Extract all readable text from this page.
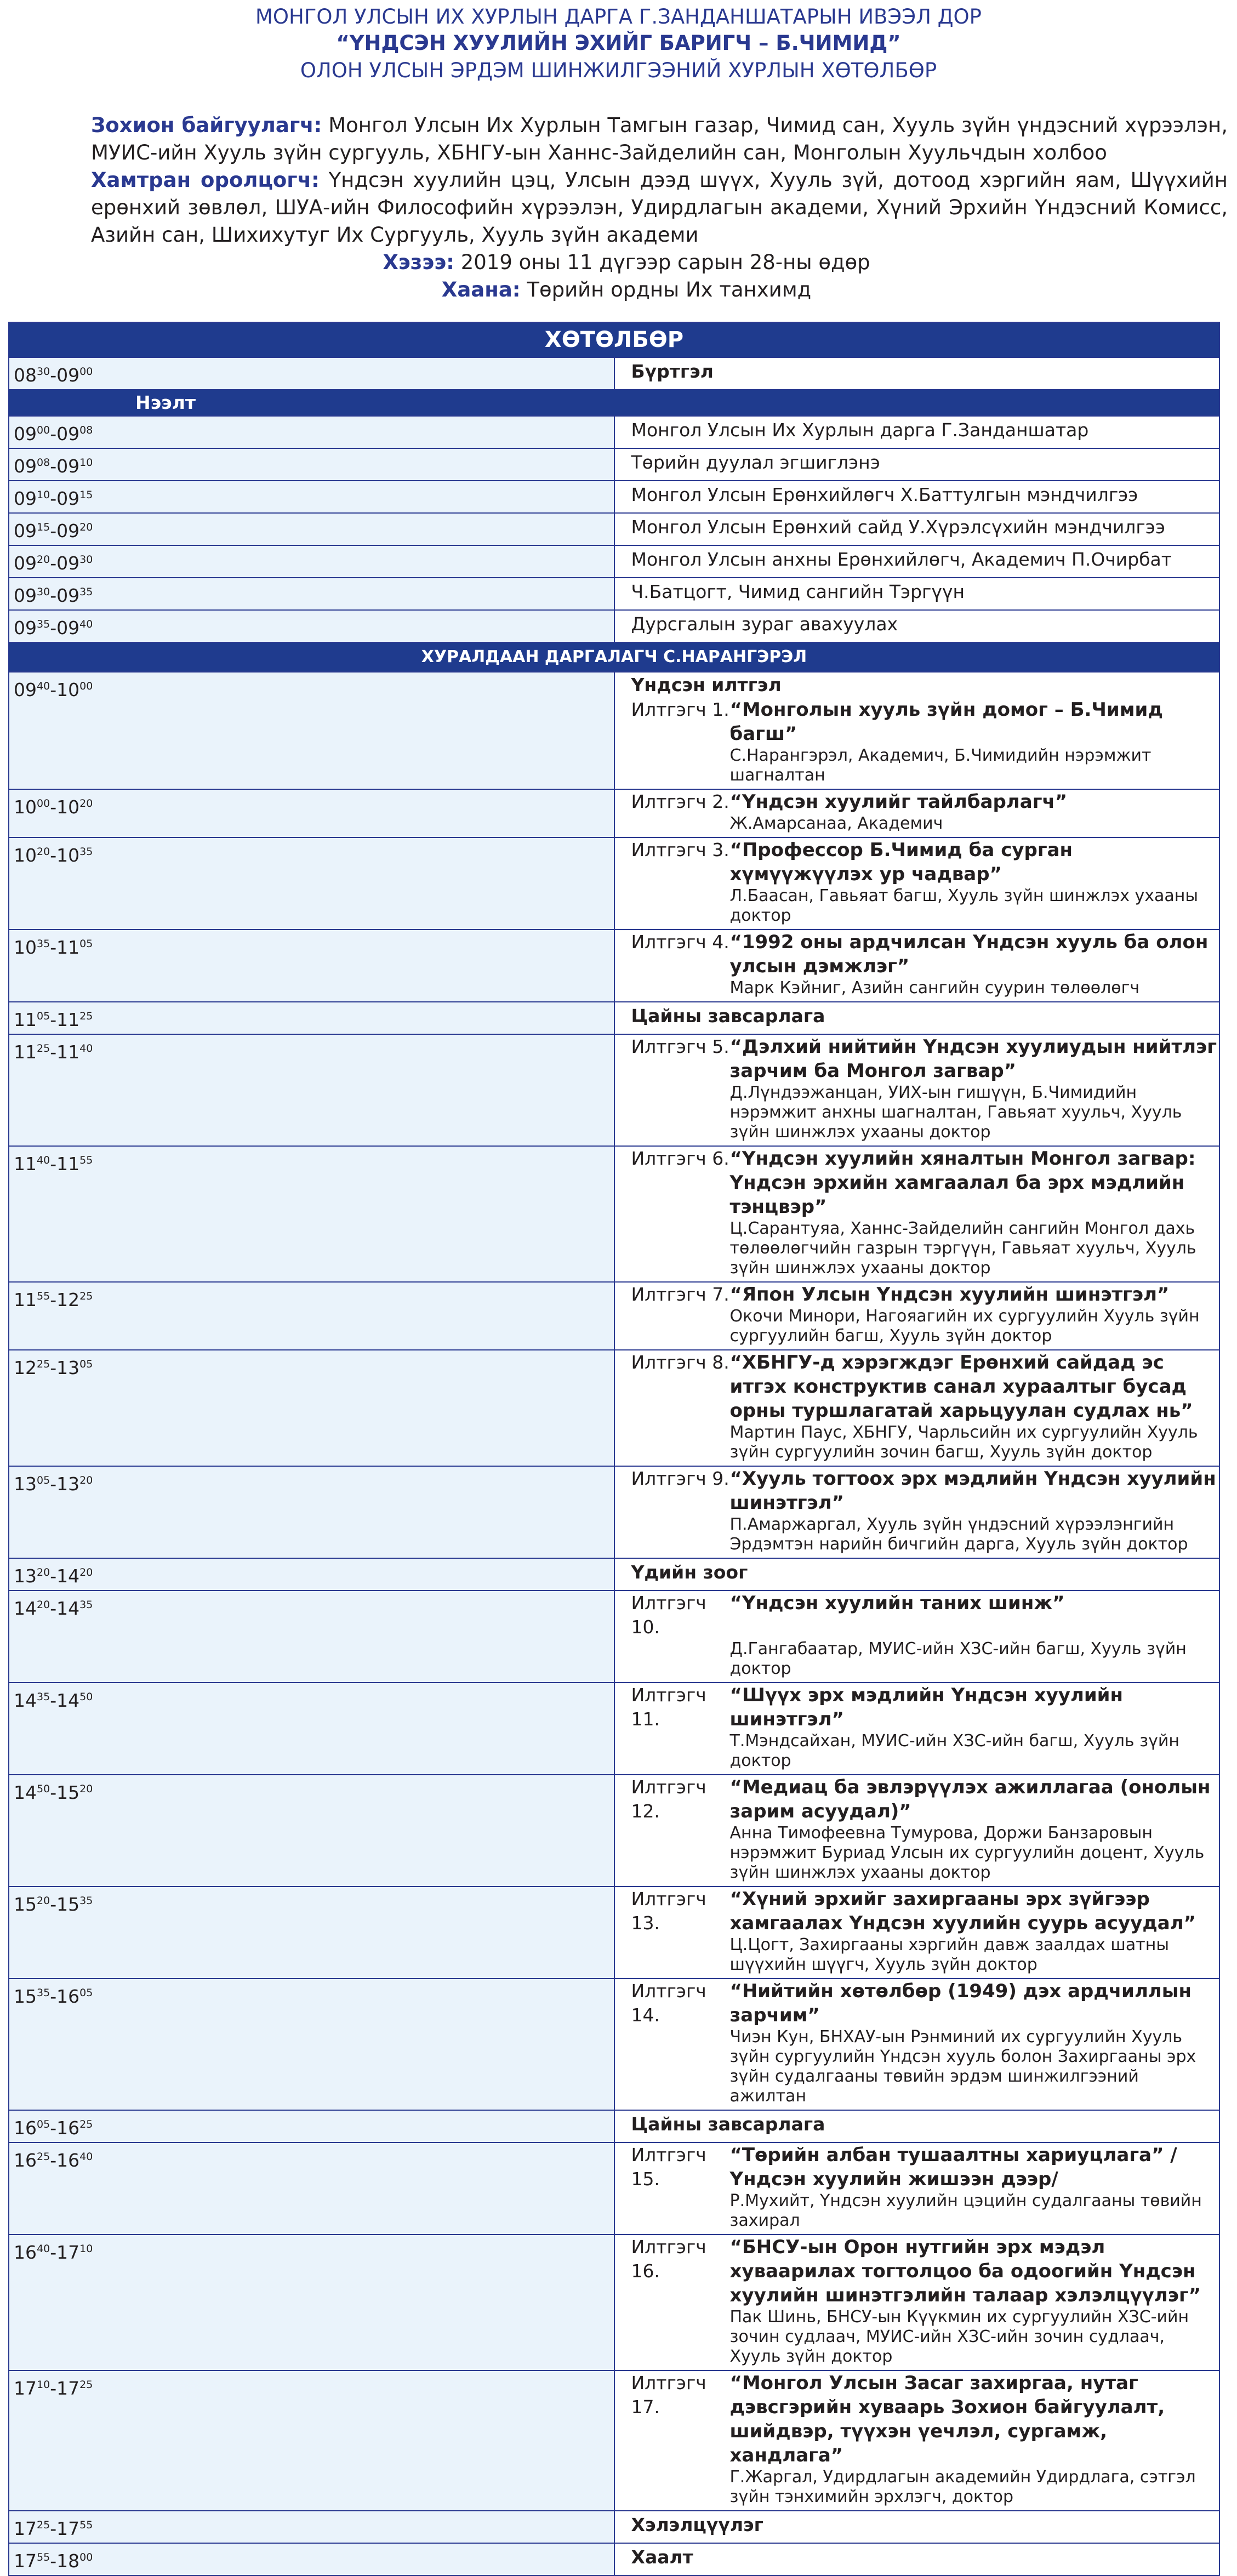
МОНГОЛ УЛСЫН ИХ ХУРЛЫН ДАРГА Г.ЗАНДАНШАТАРЫН ИВЭЭЛ ДОР
“ҮНДСЭН ХУУЛИЙН ЭХИЙГ БАРИГЧ – Б.ЧИМИД”
ОЛОН УЛСЫН ЭРДЭМ ШИНЖИЛГЭЭНИЙ ХУРЛЫН ХӨТӨЛБӨР

Зохион байгуулагч: Монгол Улсын Их Хурлын Тамгын газар, Чимид сан, Хууль зүйн үндэсний хүрээлэн, МУИС-ийн Хууль зүйн сургууль, ХБНГУ-ын Ханнс-Зайделийн сан, Монголын Хуульчдын холбоо

Хамтран оролцогч: Үндсэн хуулийн цэц, Улсын дээд шүүх, Хууль зүй, дотоод хэргийн яам, Шүүхийн ерөнхий зөвлөл, ШУА-ийн Философийн хүрээлэн, Удирдлагын академи, Хүний Эрхийн Үндэсний Комисс, Азийн сан, Шихихутуг Их Сургууль, Хууль зүйн академи

Хэзээ: 2019 оны 11 дүгээр сарын 28-ны өдөр

Хаана: Төрийн ордны Их танхимд

ХӨТӨЛБӨР	
$08^{30}-09^{00}$	Бүртгэл
Нээлт	
$09^{00}-09^{08}$	Монгол Улсын Их Хурлын дарга Г.Занданшатар
$09^{08}-09^{10}$	Төрийн дуулал эгшиглэнэ
$09^{10}-09^{15}$	Монгол Улсын Ерөнхийлөгч Х.Баттулгын мэндчилгээ
$09^{15}-09^{20}$	Монгол Улсын Ерөнхий сайд У.Хүрэлсүхийн мэндчилгээ
$09^{20}-09^{30}$	Монгол Улсын анхны Ерөнхийлөгч, Академич П.Очирбат
$09^{30}-09^{35}$	Ч.Батцогт, Чимид сангийн Тэргүүн
$09^{35}-09^{40}$	Дурсгалын зураг авахуулах
ХУРАЛДААН ДАРГАЛАГЧ С.НАРАНГЭРЭЛ	
$09^{40}-10^{00}$	Үндсэн илтгэл
Илтгэгч 1. “Монголын хууль зүйн домог – Б.Чимид багш”
С.Нарангэрэл, Академич, Б.Чимидийн нэрэмжит шагналтан

$10^{00}-10^{20}$	Илтгэгч 2. “Үндсэн хуулийг тайлбарлагч”
Ж.Амарсанаа, Академич

$10^{20}-10^{35}$	Илтгэгч 3. “Профессор Б.Чимид ба сурган хүмүүжүүлэх ур чадвар”
Л.Баасан, Гавьяат багш, Хууль зүйн шинжлэх ухааны доктор

$10^{35}-11^{05}$	Илтгэгч 4. “1992 оны ардчилсан Үндсэн хууль ба олон улсын дэмжлэг”
Марк Кэйниг, Азийн сангийн суурин төлөөлөгч

$11^{05}-11^{25}$	Цайны завсарлага
$11^{25}-11^{40}$	Илтгэгч 5. “Дэлхий нийтийн Үндсэн хуулиудын нийтлэг зарчим ба Монгол загвар”
Д.Лүндээжанцан, УИХ-ын гишүүн, Б.Чимидийн нэрэмжит анхны шагналтан, Гавьяат хуульч, Хууль зүйн шинжлэх ухааны доктор

$11^{40}-11^{55}$	Илтгэгч 6. “Үндсэн хуулийн хяналтын Монгол загвар: Үндсэн эрхийн хамгаалал ба эрх мэдлийн тэнцвэр”
Ц.Сарантуяа, Ханнс-Зайделийн сангийн Монгол дахь төлөөлөгчийн газрын тэргүүн, Гавьяат хуульч, Хууль зүйн шинжлэх ухааны доктор

$11^{55}-12^{25}$	Илтгэгч 7. “Япон Улсын Үндсэн хуулийн шинэтгэл”
Окочи Минори, Нагояагийн их сургуулийн Хууль зүйн сургуулийн багш, Хууль зүйн доктор

$12^{25}-13^{05}$	Илтгэгч 8. “ХБНГУ-д хэрэгждэг Ерөнхий сайдад эс итгэх конструктив санал хураалтыг бусад орны туршлагатай харьцуулан судлах нь”
Мартин Паус, ХБНГУ, Чарльсийн их сургуулийн Хууль зүйн сургуулийн зочин багш, Хууль зүйн доктор

$13^{05}-13^{20}$	Илтгэгч 9. “Хууль тогтоох эрх мэдлийн Үндсэн хуулийн шинэтгэл”
П.Амаржаргал, Хууль зүйн үндэсний хүрээлэнгийн Эрдэмтэн нарийн бичгийн дарга, Хууль зүйн доктор

$13^{20}-14^{20}$	Үдийн зоог
$14^{20}-14^{35}$	Илтгэгч 10.
“Үндсэн хуулийн таних шинж”
Д.Гангабаатар, МУИС-ийн ХЗС-ийн багш, Хууль зүйн доктор

$14^{35}-14^{50}$	Илтгэгч 11.
“Шүүх эрх мэдлийн Үндсэн хуулийн шинэтгэл”
Т.Мэндсайхан, МУИС-ийн ХЗС-ийн багш, Хууль зүйн доктор

$14^{50}-15^{20}$	Илтгэгч 12.
“Медиац ба эвлэрүүлэх ажиллагаа (онолын зарим асуудал)”
Анна Тимофеевна Тумурова, Доржи Банзаровын нэрэмжит Буриад Улсын их сургуулийн доцент, Хууль зүйн шинжлэх ухааны доктор

$15^{20}-15^{35}$	Илтгэгч 13.
“Хүний эрхийг захиргааны эрх зүйгээр хамгаалах Үндсэн хуулийн суурь асуудал”
Ц.Цогт, Захиргааны хэргийн давж заалдах шатны шүүхийн шүүгч, Хууль зүйн доктор

$15^{35}-16^{05}$	Илтгэгч 14.
“Нийтийн хөтөлбөр (1949) дэх ардчиллын зарчим”
Чиэн Кун, БНХАУ-ын Рэнминий их сургуулийн Хууль зүйн сургуулийн Үндсэн хууль болон Захиргааны эрх зүйн судалгааны төвийн эрдэм шинжилгээний ажилтан

$16^{05}-16^{25}$	Цайны завсарлага
$16^{25}-16^{40}$	Илтгэгч 15.
“Төрийн албан тушаалтны хариуцлага” /Үндсэн хуулийн жишээн дээр/
Р.Мухийт, Үндсэн хуулийн цэцийн судалгааны төвийн захирал

$16^{40}-17^{10}$	Илтгэгч 16.
“БНСУ-ын Орон нутгийн эрх мэдэл хуваарилах тогтолцоо ба одоогийн Үндсэн хуулийн шинэтгэлийн талаар хэлэлцүүлэг”
Пак Шинь, БНСУ-ын Күүкмин их сургуулийн ХЗС-ийн зочин судлаач, МУИС-ийн ХЗС-ийн зочин судлаач, Хууль зүйн доктор

$17^{10}-17^{25}$	Илтгэгч 17.
“Монгол Улсын Засаг захиргаа, нутаг дэвсгэрийн хуваарь Зохион байгуулалт, шийдвэр, түүхэн үечлэл, сургамж, хандлага”
Г.Жаргал, Удирдлагын академийн Удирдлага, сэтгэл зүйн тэнхимийн эрхлэгч, доктор

$17^{25}-17^{55}$	Хэлэлцүүлэг
$17^{55}-18^{00}$	Хаалт
